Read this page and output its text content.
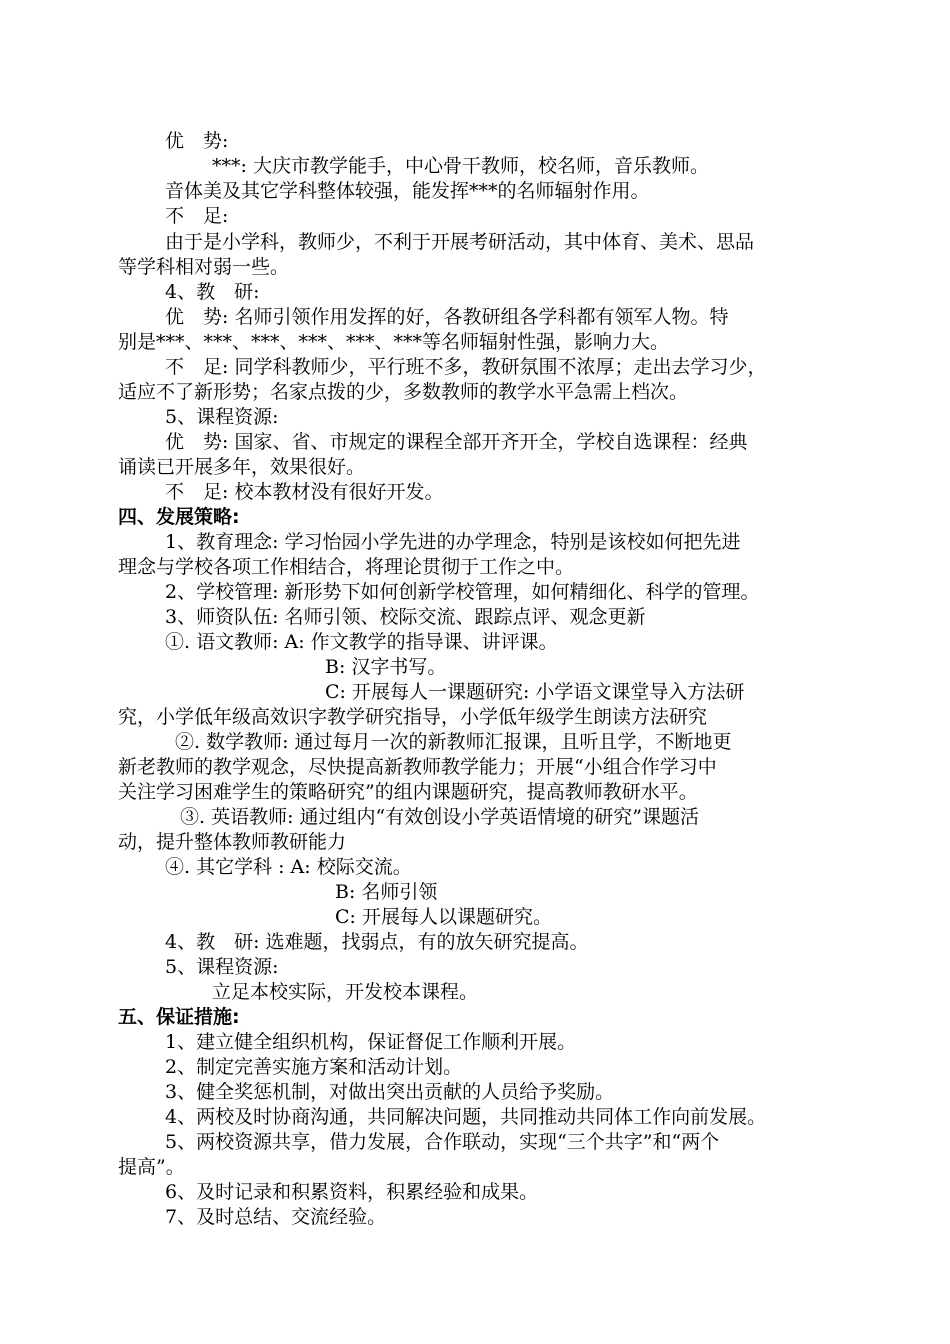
优　势:
***: 大庆市教学能手，中心骨干教师，校名师，音乐教师。
音体美及其它学科整体较强，能发挥***的名师辐射作用。
不　足:
由于是小学科，教师少，不利于开展考研活动，其中体育、美术、思品
等学科相对弱一些。
4、教　研:
优　势: 名师引领作用发挥的好，各教研组各学科都有领军人物。特
别是***、***、***、***、***、***等名师辐射性强，影响力大。
不　足: 同学科教师少，平行班不多，教研氛围不浓厚；走出去学习少，
适应不了新形势；名家点拨的少，多数教师的教学水平急需上档次。
5、课程资源:
优　势: 国家、省、市规定的课程全部开齐开全，学校自选课程：经典
诵读已开展多年，效果很好。
不　足: 校本教材没有很好开发。
四、发展策略:
1、教育理念: 学习怡园小学先进的办学理念，特别是该校如何把先进
理念与学校各项工作相结合，将理论贯彻于工作之中。
2、学校管理: 新形势下如何创新学校管理，如何精细化、科学的管理。
3、师资队伍: 名师引领、校际交流、跟踪点评、观念更新
①. 语文教师: A: 作文教学的指导课、讲评课。
B: 汉字书写。
C: 开展每人一课题研究: 小学语文课堂导入方法研
究，小学低年级高效识字教学研究指导，小学低年级学生朗读方法研究
②. 数学教师: 通过每月一次的新教师汇报课，且听且学，不断地更
新老教师的教学观念，尽快提高新教师教学能力；开展“小组合作学习中
关注学习困难学生的策略研究”的组内课题研究，提高教师教研水平。
③. 英语教师: 通过组内“有效创设小学英语情境的研究”课题活
动，提升整体教师教研能力
④. 其它学科 : A: 校际交流。
B: 名师引领
C: 开展每人以课题研究。
4、教　研: 选难题，找弱点，有的放矢研究提高。
5、课程资源:
立足本校实际，开发校本课程。
五、保证措施:
1、建立健全组织机构，保证督促工作顺利开展。
2、制定完善实施方案和活动计划。
3、健全奖惩机制，对做出突出贡献的人员给予奖励。
4、两校及时协商沟通，共同解决问题，共同推动共同体工作向前发展。
5、两校资源共享，借力发展，合作联动，实现“三个共字”和“两个
提高”。
6、及时记录和积累资料，积累经验和成果。
7、及时总结、交流经验。
